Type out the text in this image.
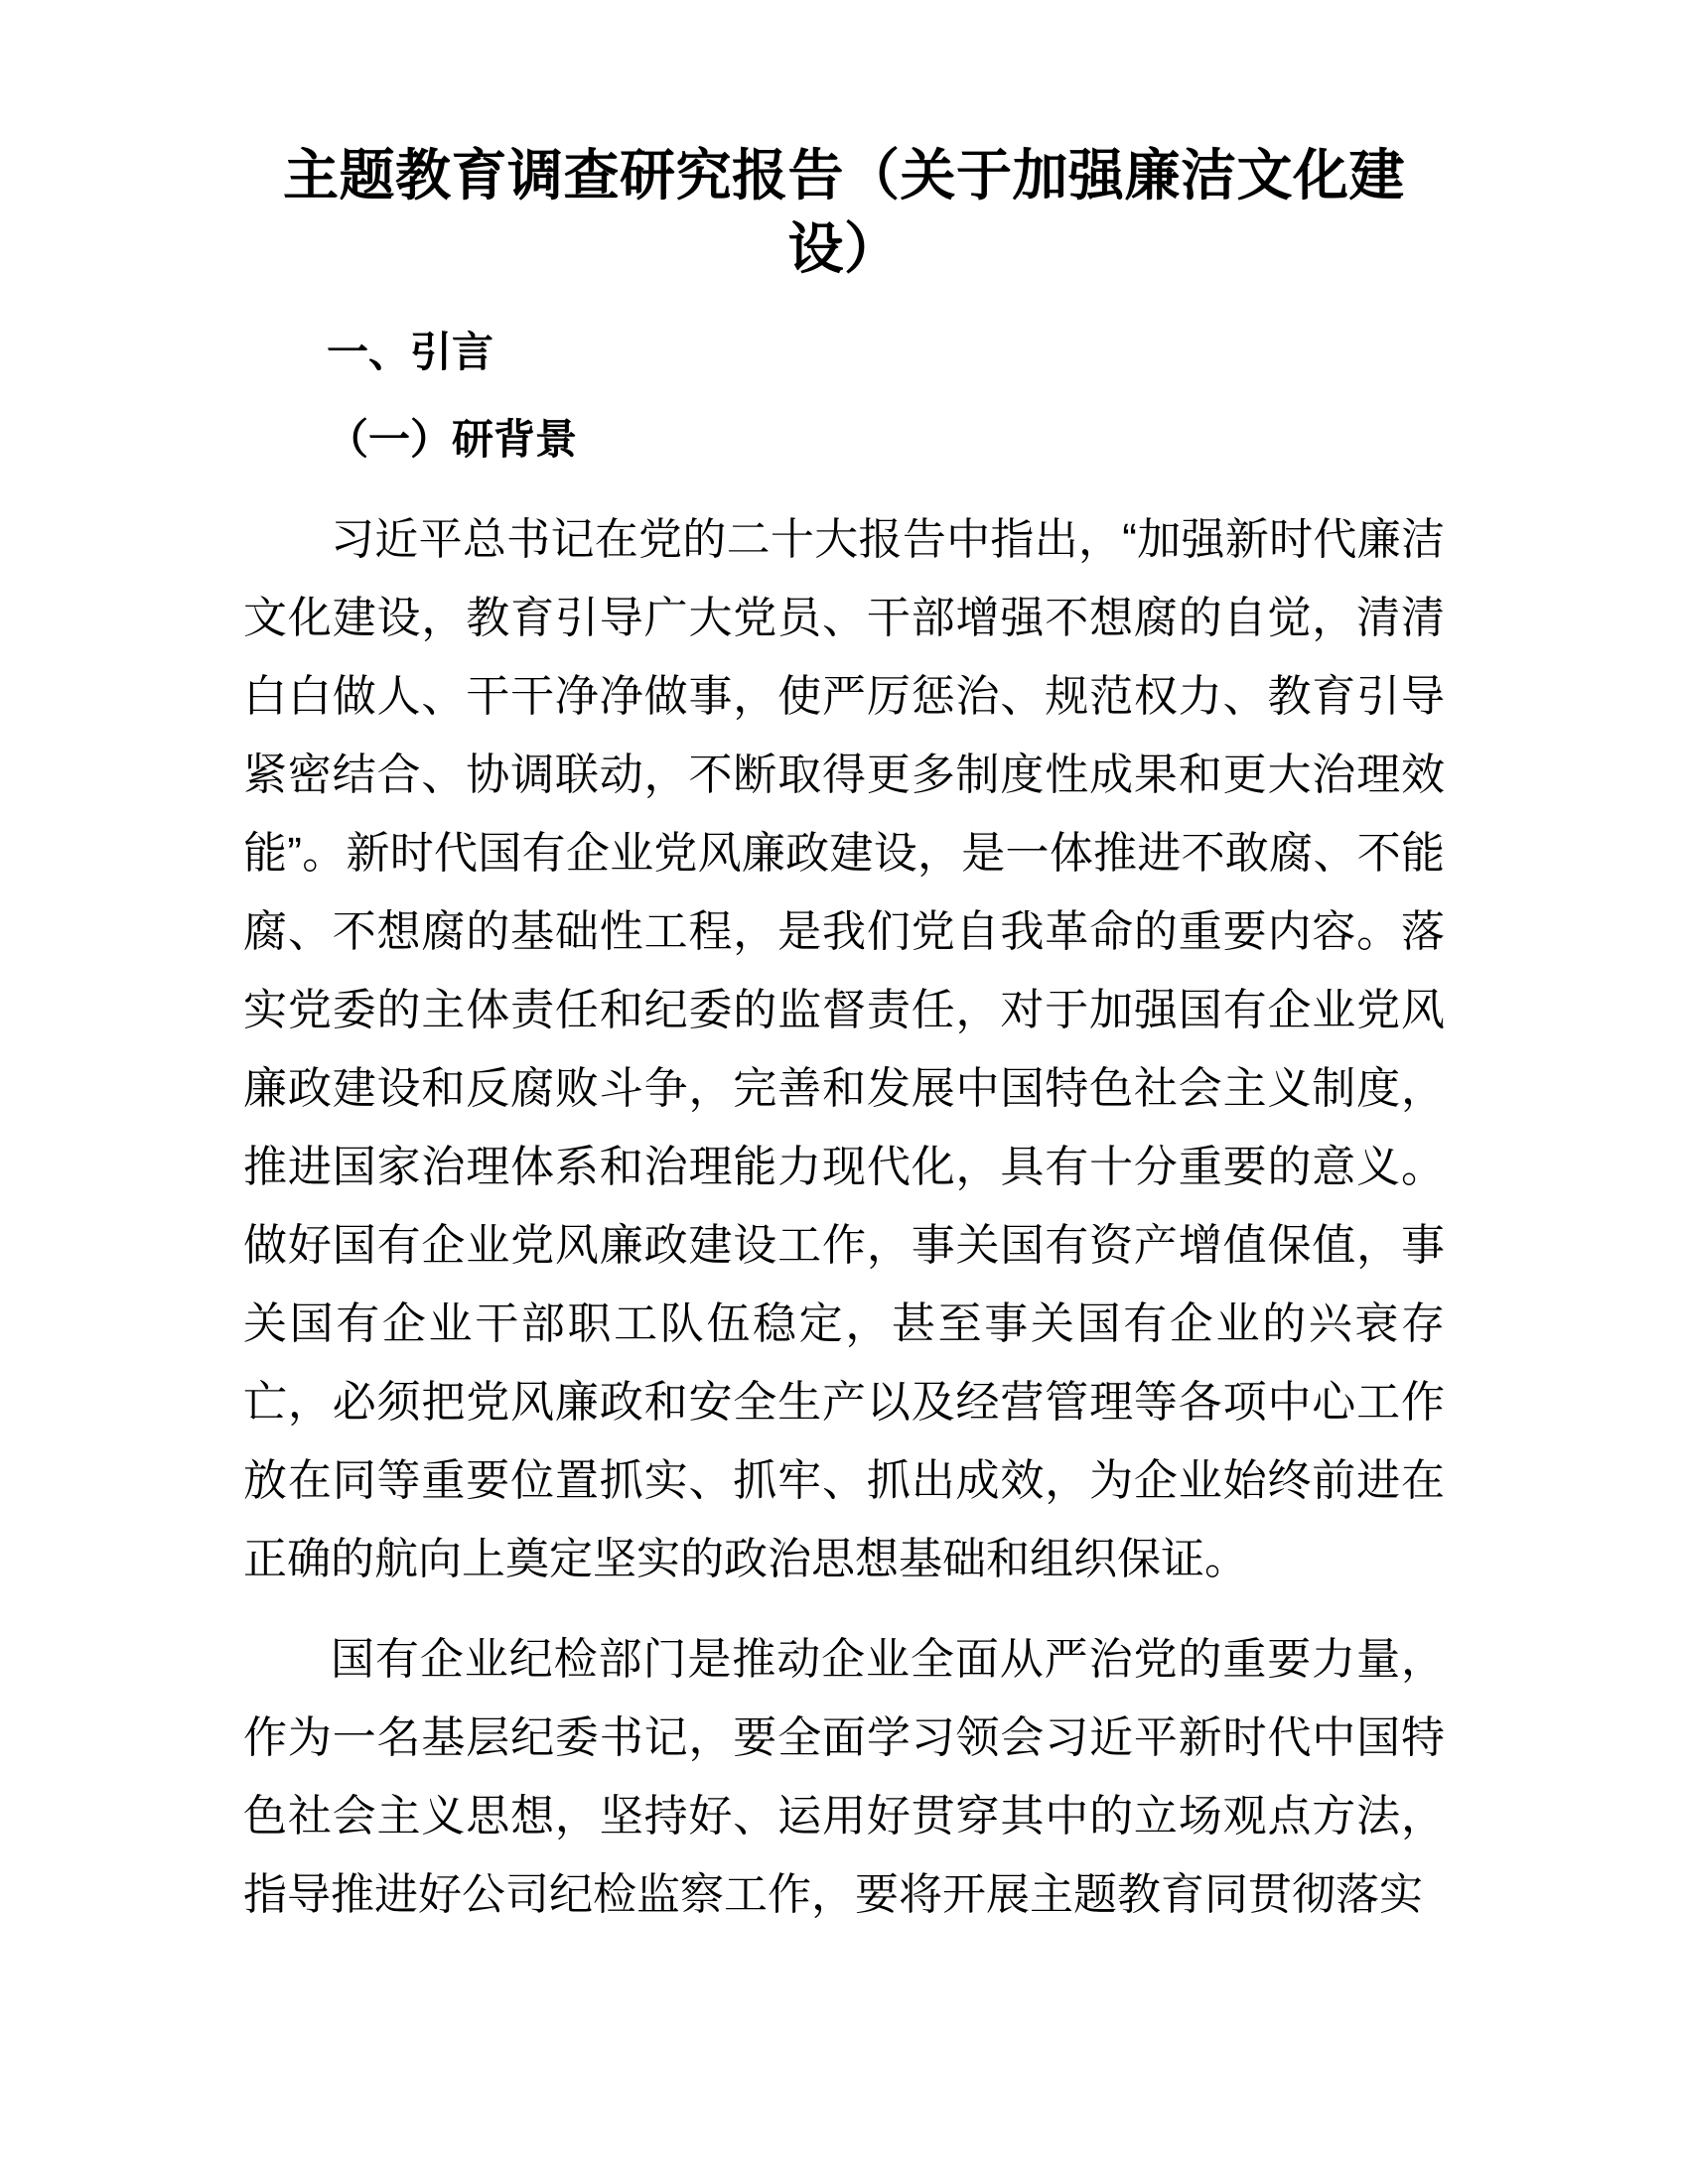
主题教育调查研究报告（关于加强廉洁文化建设）
一、引言
（一）研背景

习近平总书记在党的二十大报告中指出，“加强新时代廉洁文化建设，教育引导广大党员、干部增强不想腐的自觉，清清白白做人、干干净净做事，使严厉惩治、规范权力、教育引导紧密结合、协调联动，不断取得更多制度性成果和更大治理效能”。新时代国有企业党风廉政建设，是一体推进不敢腐、不能腐、不想腐的基础性工程，是我们党自我革命的重要内容。落实党委的主体责任和纪委的监督责任，对于加强国有企业党风廉政建设和反腐败斗争，完善和发展中国特色社会主义制度，推进国家治理体系和治理能力现代化，具有十分重要的意义。做好国有企业党风廉政建设工作，事关国有资产增值保值，事关国有企业干部职工队伍稳定，甚至事关国有企业的兴衰存亡，必须把党风廉政和安全生产以及经营管理等各项中心工作放在同等重要位置抓实、抓牢、抓出成效，为企业始终前进在正确的航向上奠定坚实的政治思想基础和组织保证。

国有企业纪检部门是推动企业全面从严治党的重要力量，作为一名基层纪委书记，要全面学习领会习近平新时代中国特色社会主义思想，坚持好、运用好贯穿其中的立场观点方法，指导推进好公司纪检监察工作，要将开展主题教育同贯彻落实
